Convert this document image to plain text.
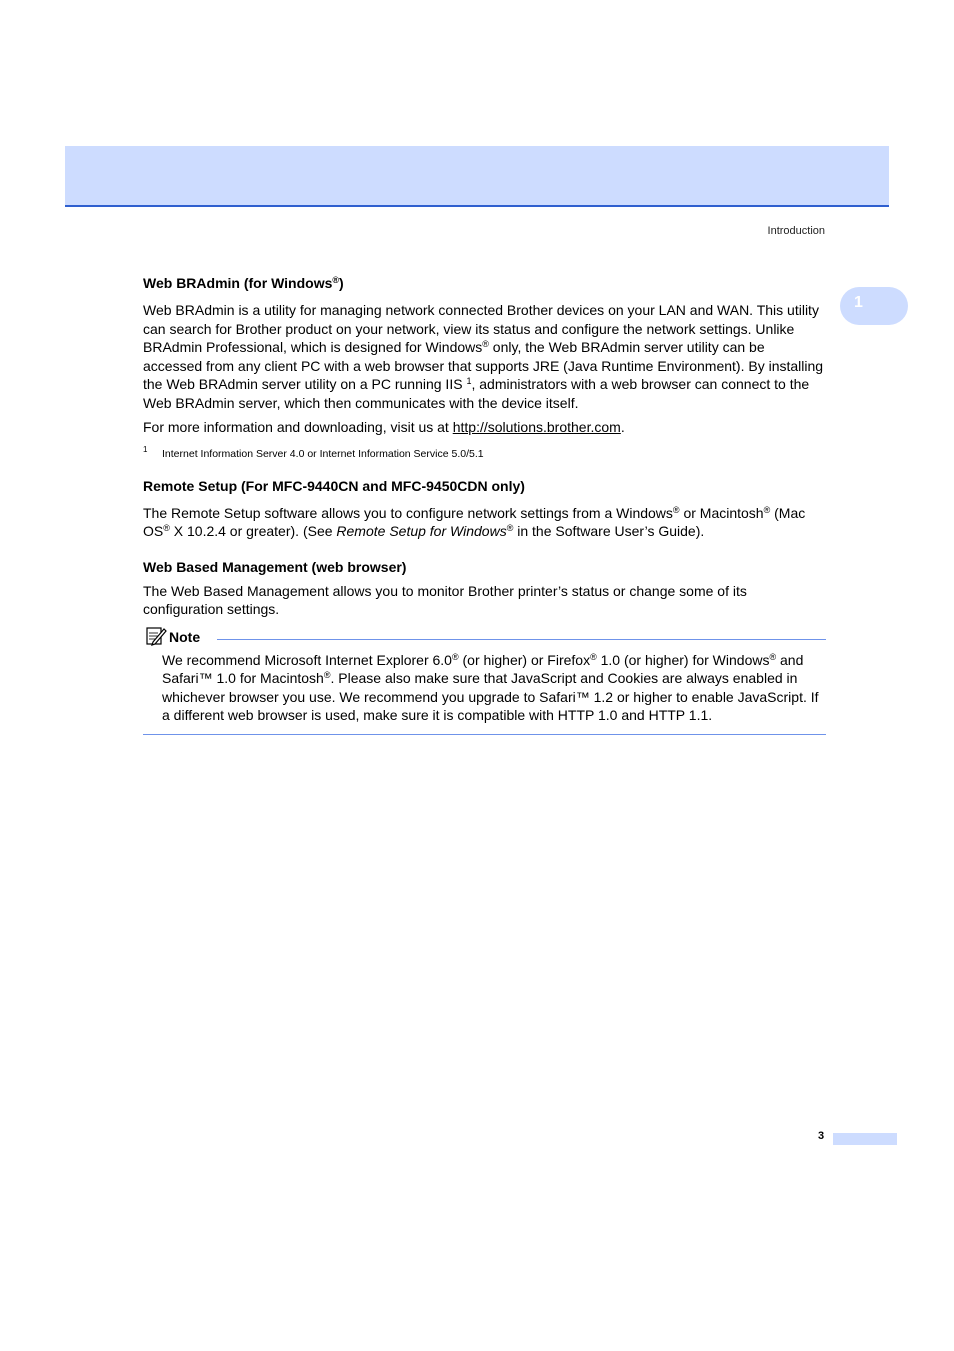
Introduction
1
Web BRAdmin (for Windows®)

Web BRAdmin is a utility for managing network connected Brother devices on your LAN and WAN. This utility can search for Brother product on your network, view its status and configure the network settings. Unlike BRAdmin Professional, which is designed for Windows® only, the Web BRAdmin server utility can be accessed from any client PC with a web browser that supports JRE (Java Runtime Environment). By installing the Web BRAdmin server utility on a PC running IIS $^1$, administrators with a web browser can connect to the Web BRAdmin server, which then communicates with the device itself.

For more information and downloading, visit us at http://solutions.brother.com.

1 Internet Information Server 4.0 or Internet Information Service 5.0/5.1
Remote Setup (For MFC-9440CN and MFC-9450CDN only)

The Remote Setup software allows you to configure network settings from a Windows® or Macintosh® (Mac OS® X 10.2.4 or greater). (See Remote Setup for Windows® in the Software User’s Guide).

Web Based Management (web browser)

The Web Based Management allows you to monitor Brother printer’s status or change some of its configuration settings.

Note

We recommend Microsoft Internet Explorer 6.0® (or higher) or Firefox® 1.0 (or higher) for Windows® and Safari™ 1.0 for Macintosh®. Please also make sure that JavaScript and Cookies are always enabled in whichever browser you use. We recommend you upgrade to Safari™ 1.2 or higher to enable JavaScript. If a different web browser is used, make sure it is compatible with HTTP 1.0 and HTTP 1.1.

3
